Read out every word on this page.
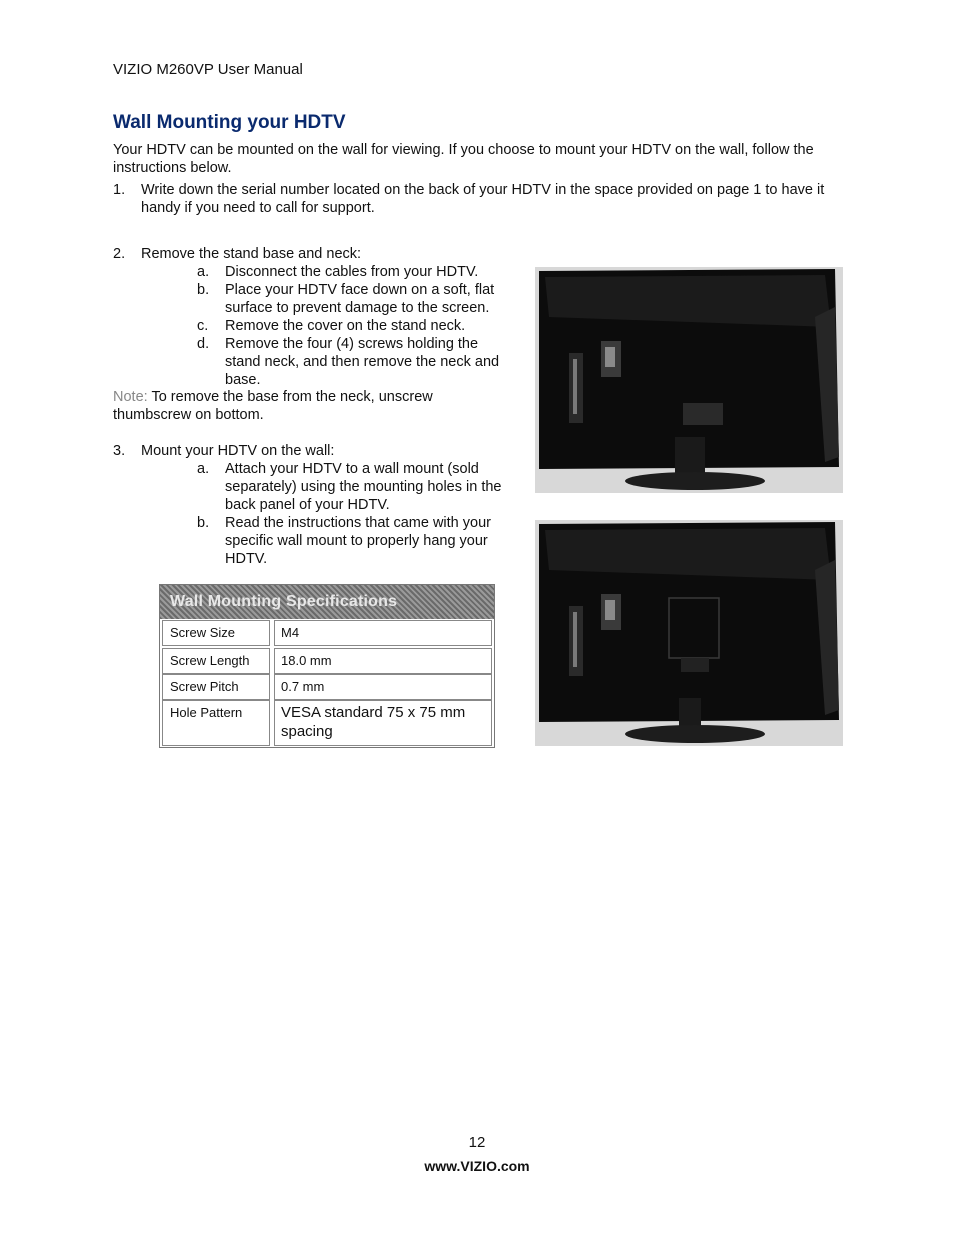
VIZIO M260VP User Manual
Wall Mounting your HDTV
Your HDTV can be mounted on the wall for viewing. If you choose to mount your HDTV on the wall, follow the instructions below.
1. Write down the serial number located on the back of your HDTV in the space provided on page 1 to have it handy if you need to call for support.
2. Remove the stand base and neck:
a. Disconnect the cables from your HDTV.
b. Place your HDTV face down on a soft, flat surface to prevent damage to the screen.
c. Remove the cover on the stand neck.
d. Remove the four (4) screws holding the stand neck, and then remove the neck and base.
Note: To remove the base from the neck, unscrew thumbscrew on bottom.
3. Mount your HDTV on the wall:
a. Attach your HDTV to a wall mount (sold separately) using the mounting holes in the back panel of your HDTV.
b. Read the instructions that came with your specific wall mount to properly hang your HDTV.
Wall Mounting Specifications
Screw Size	M4
Screw Length	18.0 mm
Screw Pitch	0.7 mm
Hole Pattern	VESA standard 75 x 75 mm spacing
12
www.VIZIO.com
